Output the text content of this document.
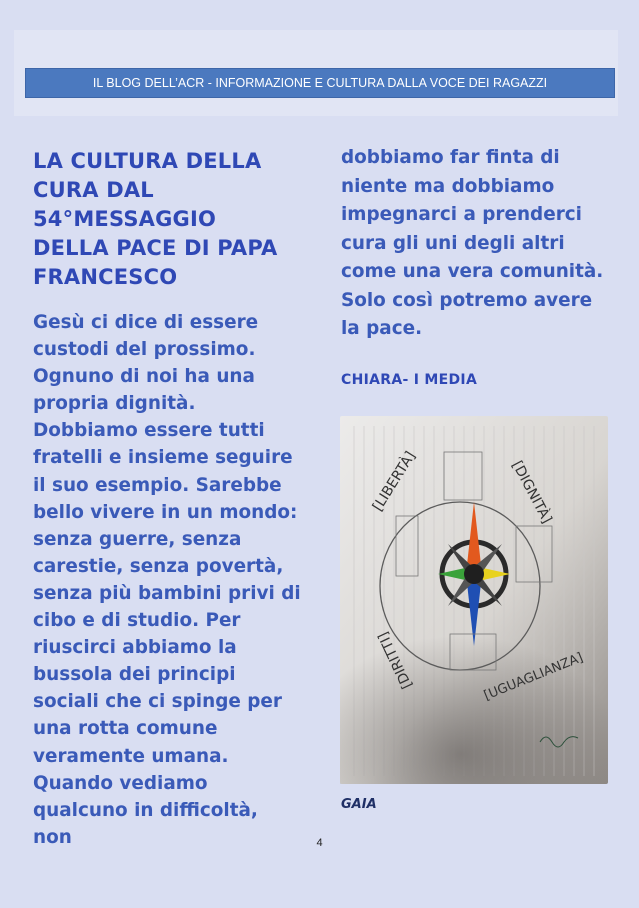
IL BLOG DELL’ACR - INFORMAZIONE E CULTURA DALLA VOCE DEI RAGAZZI
LA CULTURA DELLA CURA DAL 54°MESSAGGIO DELLA PACE DI PAPA FRANCESCO

Gesù ci dice di essere custodi del prossimo. Ognuno di noi ha una propria dignità. Dobbiamo essere tutti fratelli e insieme seguire il suo esempio. Sarebbe bello vivere in un mondo: senza guerre, senza carestie, senza povertà, senza più bambini privi di cibo e di studio. Per riuscirci abbiamo la bussola dei principi sociali che ci spinge per una rotta comune veramente umana. Quando vediamo qualcuno in difficoltà, non

dobbiamo far finta di niente ma dobbiamo impegnarci a prenderci cura gli uni degli altri come una vera comunità. Solo così potremo avere la pace.

CHIARA- I MEDIA

[LIBERTÀ]	[DIGNITÀ]
[DIRITTI]	[UGUAGLIANZA]

GAIA

4
